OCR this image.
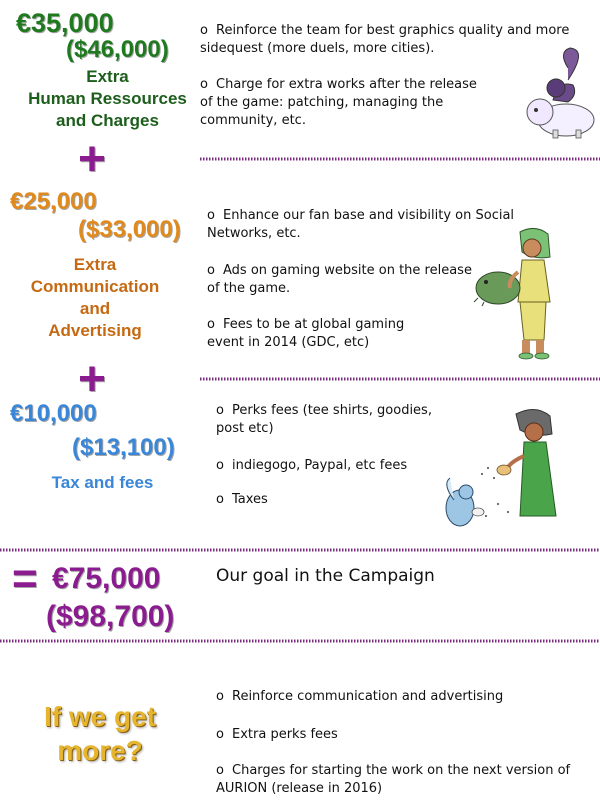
€35,000
($46,000)
Extra
Human Ressources
and Charges
o Reinforce the team for best graphics quality and more sidequest (more duels, more cities).
o Charge for extra works after the release of the game: patching, managing the community, etc.
+
€25,000
($33,000)
Extra
Communication
and
Advertising
o Enhance our fan base and visibility on Social Networks, etc.
o Ads on gaming website on the release of the game.
o Fees to be at global gaming event in 2014 (GDC, etc)
+
€10,000
($13,100)
Tax and fees
o Perks fees (tee shirts, goodies, post etc)
o indiegogo, Paypal, etc fees
o Taxes
= €75,000
($98,700)
Our goal in the Campaign
If we get
more?
o Reinforce communication and advertising
o Extra perks fees
o Charges for starting the work on the next version of AURION (release in 2016)
